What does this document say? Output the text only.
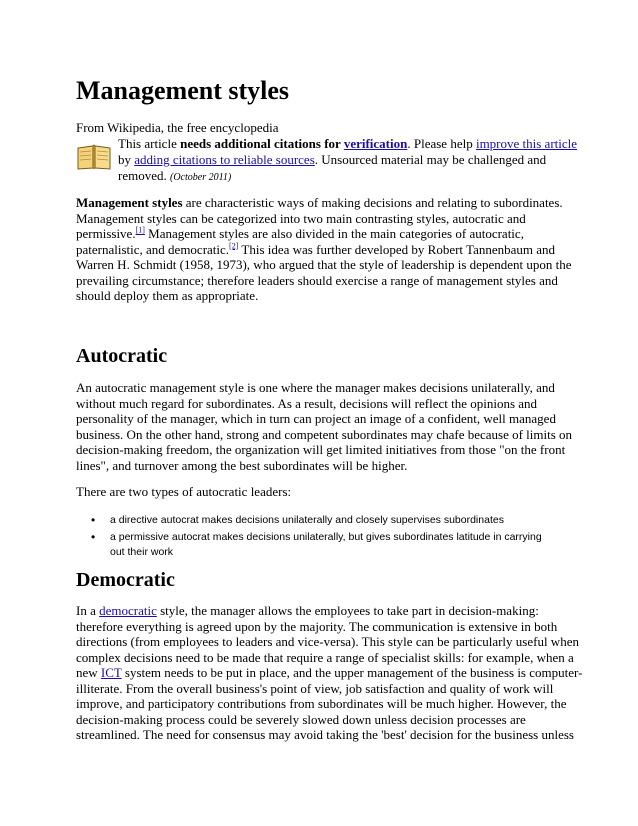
Management styles
From Wikipedia, the free encyclopedia
This article needs additional citations for verification. Please help improve this article
by adding citations to reliable sources. Unsourced material may be challenged and
removed. (October 2011)
Management styles are characteristic ways of making decisions and relating to subordinates.
Management styles can be categorized into two main contrasting styles, autocratic and
permissive.[1] Management styles are also divided in the main categories of autocratic,
paternalistic, and democratic.[2] This idea was further developed by Robert Tannenbaum and
Warren H. Schmidt (1958, 1973), who argued that the style of leadership is dependent upon the
prevailing circumstance; therefore leaders should exercise a range of management styles and
should deploy them as appropriate.
Autocratic
An autocratic management style is one where the manager makes decisions unilaterally, and
without much regard for subordinates. As a result, decisions will reflect the opinions and
personality of the manager, which in turn can project an image of a confident, well managed
business. On the other hand, strong and competent subordinates may chafe because of limits on
decision-making freedom, the organization will get limited initiatives from those "on the front
lines", and turnover among the best subordinates will be higher.
There are two types of autocratic leaders:
• a directive autocrat makes decisions unilaterally and closely supervises subordinates
• a permissive autocrat makes decisions unilaterally, but gives subordinates latitude in carrying
out their work
Democratic
In a democratic style, the manager allows the employees to take part in decision-making:
therefore everything is agreed upon by the majority. The communication is extensive in both
directions (from employees to leaders and vice-versa). This style can be particularly useful when
complex decisions need to be made that require a range of specialist skills: for example, when a
new ICT system needs to be put in place, and the upper management of the business is computer-
illiterate. From the overall business's point of view, job satisfaction and quality of work will
improve, and participatory contributions from subordinates will be much higher. However, the
decision-making process could be severely slowed down unless decision processes are
streamlined. The need for consensus may avoid taking the 'best' decision for the business unless
